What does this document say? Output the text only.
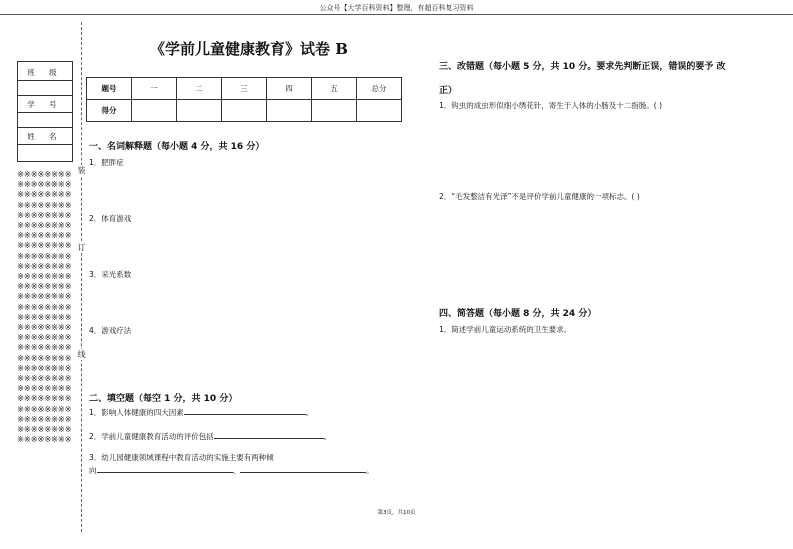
公众号【大学百科资料】整理，有超百科复习资料
班 级
学 号
姓 名
※※※※※※※※※※※※※※※※※※※※※※※※※※※※※※※※※※※※※※※※※※※※※※※※※※※※※※※※※※※※※※※※※※※※※※※※※※※※※※※※※※※※※※※※※※※※※※※※※※※※※※※※※※※※※※※※※※※※※※※※※※※※※※※※※※※※※※※※※※※※※※※※※※※※※※※※※※※※※※※※※※※※※※※※※※※※※※※※※※※※※※※※※※※※※※※※※※※※※※※※※※※※※※※※※※※※※※※※
装
订
线
《学前儿童健康教育》试卷 B
题号	一	二	三	四	五	总分
得分						
一、名词解释题（每小题 4 分，共 16 分）
1．肥胖症
2．体育游戏
3．采光系数
4．游戏疗法
二、填空题（每空 1 分，共 10 分）
1．影响人体健康的四大因素	。
2．学前儿童健康教育活动的评价包括	。
3．幼儿园健康领域课程中教育活动的实施主要有两种倾
向	、	。
三、改错题（每小题 5 分，共 10 分。要求先判断正误，错误的要予 改
正）
1．钩虫的成虫形似细小绣花针，寄生于人体的小肠及十二指肠。( )
2．“毛发整洁有光泽”不是评价学前儿童健康的一项标志。( )
四、简答题（每小题 8 分，共 24 分）
1．简述学前儿童运动系统的卫生要求。
第3页，共10页
